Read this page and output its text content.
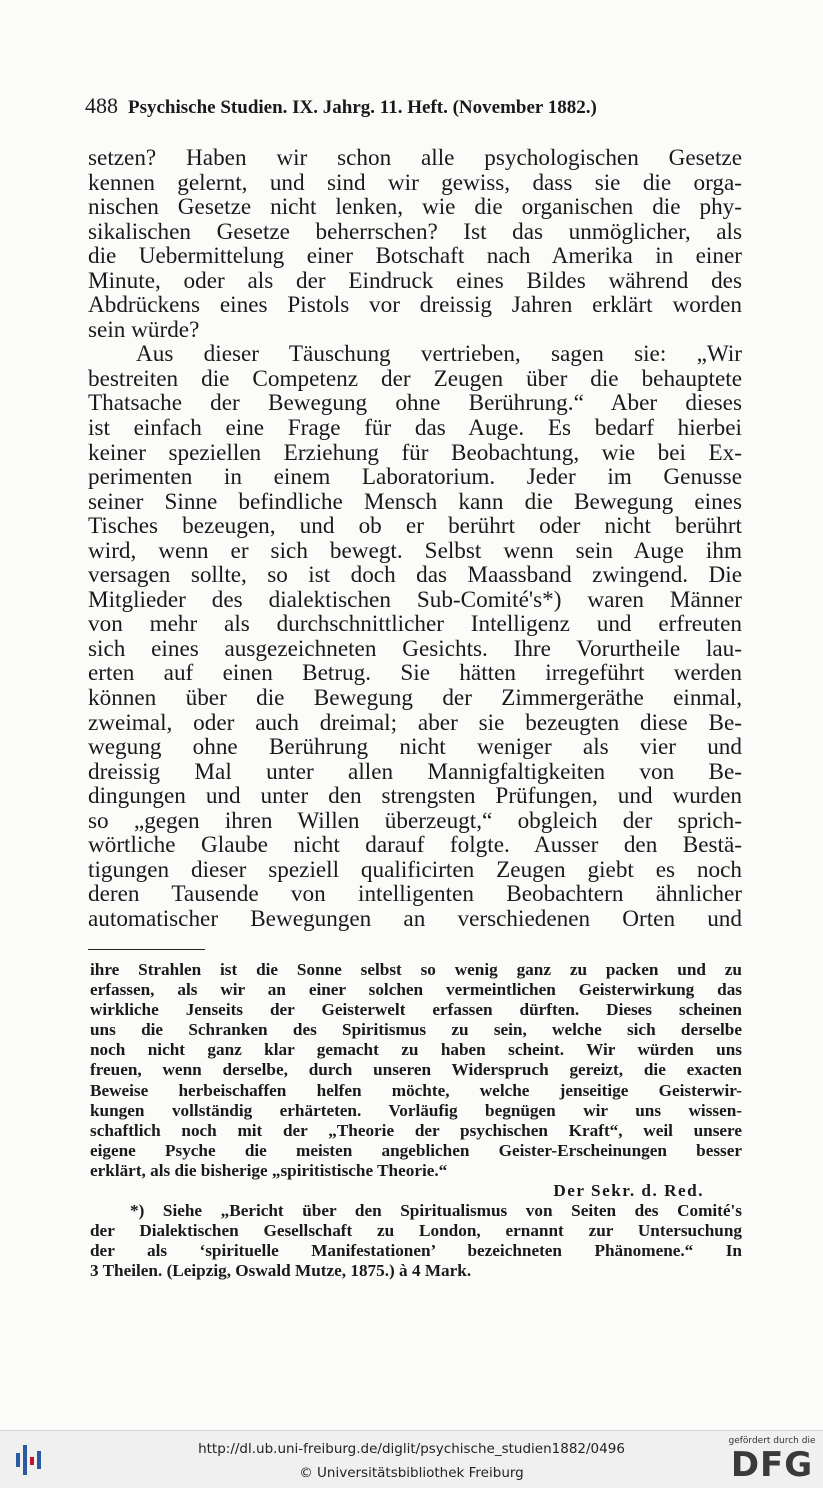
488 Psychische Studien. IX. Jahrg. 11. Heft. (November 1882.)
setzen? Haben wir schon alle psychologischen Gesetze
kennen gelernt, und sind wir gewiss, dass sie die orga-
nischen Gesetze nicht lenken, wie die organischen die phy-
sikalischen Gesetze beherrschen? Ist das unmöglicher, als
die Uebermittelung einer Botschaft nach Amerika in einer
Minute, oder als der Eindruck eines Bildes während des
Abdrückens eines Pistols vor dreissig Jahren erklärt worden
sein würde?
Aus dieser Täuschung vertrieben, sagen sie: „Wir
bestreiten die Competenz der Zeugen über die behauptete
Thatsache der Bewegung ohne Berührung.“ Aber dieses
ist einfach eine Frage für das Auge. Es bedarf hierbei
keiner speziellen Erziehung für Beobachtung, wie bei Ex-
perimenten in einem Laboratorium. Jeder im Genusse
seiner Sinne befindliche Mensch kann die Bewegung eines
Tisches bezeugen, und ob er berührt oder nicht berührt
wird, wenn er sich bewegt. Selbst wenn sein Auge ihm
versagen sollte, so ist doch das Maassband zwingend. Die
Mitglieder des dialektischen Sub-Comité's*) waren Männer
von mehr als durchschnittlicher Intelligenz und erfreuten
sich eines ausgezeichneten Gesichts. Ihre Vorurtheile lau-
erten auf einen Betrug. Sie hätten irregeführt werden
können über die Bewegung der Zimmergeräthe einmal,
zweimal, oder auch dreimal; aber sie bezeugten diese Be-
wegung ohne Berührung nicht weniger als vier und
dreissig Mal unter allen Mannigfaltigkeiten von Be-
dingungen und unter den strengsten Prüfungen, und wurden
so „gegen ihren Willen überzeugt,“ obgleich der sprich-
wörtliche Glaube nicht darauf folgte. Ausser den Bestä-
tigungen dieser speziell qualificirten Zeugen giebt es noch
deren Tausende von intelligenten Beobachtern ähnlicher
automatischer Bewegungen an verschiedenen Orten und
ihre Strahlen ist die Sonne selbst so wenig ganz zu packen und zu
erfassen, als wir an einer solchen vermeintlichen Geisterwirkung das
wirkliche Jenseits der Geisterwelt erfassen dürften. Dieses scheinen
uns die Schranken des Spiritismus zu sein, welche sich derselbe
noch nicht ganz klar gemacht zu haben scheint. Wir würden uns
freuen, wenn derselbe, durch unseren Widerspruch gereizt, die exacten
Beweise herbeischaffen helfen möchte, welche jenseitige Geisterwir-
kungen vollständig erhärteten. Vorläufig begnügen wir uns wissen-
schaftlich noch mit der „Theorie der psychischen Kraft“, weil unsere
eigene Psyche die meisten angeblichen Geister-Erscheinungen besser
erklärt, als die bisherige „spiritistische Theorie.“
Der Sekr. d. Red.
*) Siehe „Bericht über den Spiritualismus von Seiten des Comité's
der Dialektischen Gesellschaft zu London, ernannt zur Untersuchung
der als ‘spirituelle Manifestationen’ bezeichneten Phänomene.“ In
3 Theilen. (Leipzig, Oswald Mutze, 1875.) à 4 Mark.
http://dl.ub.uni-freiburg.de/diglit/psychische_studien1882/0496
© Universitätsbibliothek Freiburg
gefördert durch die
DFG
